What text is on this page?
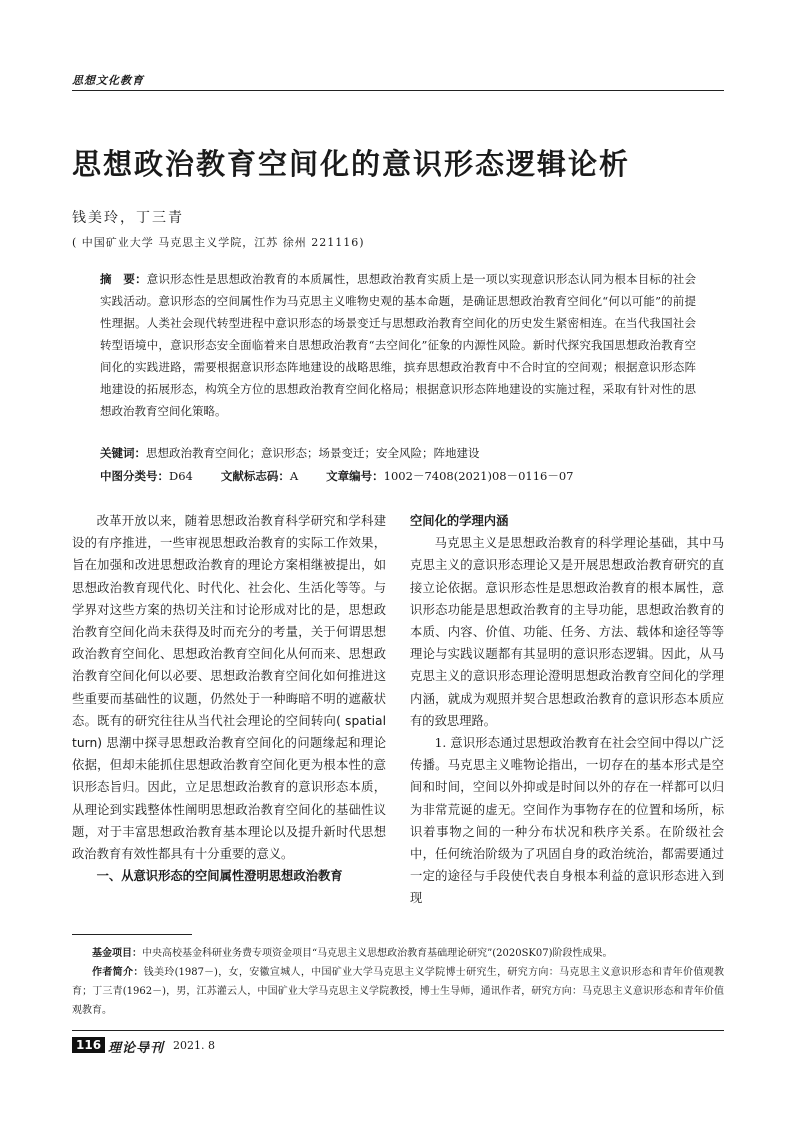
思想文化教育
思想政治教育空间化的意识形态逻辑论析
钱美玲，丁三青
( 中国矿业大学 马克思主义学院，江苏 徐州 221116)
摘　要：意识形态性是思想政治教育的本质属性，思想政治教育实质上是一项以实现意识形态认同为根本目标的社会实践活动。意识形态的空间属性作为马克思主义唯物史观的基本命题，是确证思想政治教育空间化“何以可能”的前提性理据。人类社会现代转型进程中意识形态的场景变迁与思想政治教育空间化的历史发生紧密相连。在当代我国社会转型语境中，意识形态安全面临着来自思想政治教育“去空间化”征象的内源性风险。新时代探究我国思想政治教育空间化的实践进路，需要根据意识形态阵地建设的战略思维，摈弃思想政治教育中不合时宜的空间观；根据意识形态阵地建设的拓展形态，构筑全方位的思想政治教育空间化格局；根据意识形态阵地建设的实施过程，采取有针对性的思想政治教育空间化策略。
关键词：思想政治教育空间化；意识形态；场景变迁；安全风险；阵地建设
中图分类号：D64 文献标志码：A 文章编号：1002－7408(2021)08－0116－07

改革开放以来，随着思想政治教育科学研究和学科建设的有序推进，一些审视思想政治教育的实际工作效果，旨在加强和改进思想政治教育的理论方案相继被提出，如思想政治教育现代化、时代化、社会化、生活化等等。与学界对这些方案的热切关注和讨论形成对比的是，思想政治教育空间化尚未获得及时而充分的考量，关于何谓思想政治教育空间化、思想政治教育空间化从何而来、思想政治教育空间化何以必要、思想政治教育空间化如何推进这些重要而基础性的议题，仍然处于一种晦暗不明的遮蔽状态。既有的研究往往从当代社会理论的空间转向( spatial turn) 思潮中探寻思想政治教育空间化的问题缘起和理论依据，但却未能抓住思想政治教育空间化更为根本性的意识形态旨归。因此，立足思想政治教育的意识形态本质，从理论到实践整体性阐明思想政治教育空间化的基础性议题，对于丰富思想政治教育基本理论以及提升新时代思想政治教育有效性都具有十分重要的意义。

一、从意识形态的空间属性澄明思想政治教育

空间化的学理内涵

马克思主义是思想政治教育的科学理论基础，其中马克思主义的意识形态理论又是开展思想政治教育研究的直接立论依据。意识形态性是思想政治教育的根本属性，意识形态功能是思想政治教育的主导功能，思想政治教育的本质、内容、价值、功能、任务、方法、载体和途径等等理论与实践议题都有其显明的意识形态逻辑。因此，从马克思主义的意识形态理论澄明思想政治教育空间化的学理内涵，就成为观照并契合思想政治教育的意识形态本质应有的致思理路。

1. 意识形态通过思想政治教育在社会空间中得以广泛传播。马克思主义唯物论指出，一切存在的基本形式是空间和时间，空间以外抑或是时间以外的存在一样都可以归为非常荒诞的虚无。空间作为事物存在的位置和场所，标识着事物之间的一种分布状况和秩序关系。在阶级社会中，任何统治阶级为了巩固自身的政治统治，都需要通过一定的途径与手段使代表自身根本利益的意识形态进入到现

基金项目：中央高校基金科研业务费专项资金项目“马克思主义思想政治教育基础理论研究”(2020SK07)阶段性成果。

作者简介：钱美玲(1987－)，女，安徽宣城人，中国矿业大学马克思主义学院博士研究生，研究方向：马克思主义意识形态和青年价值观教育；丁三青(1962－)，男，江苏灌云人，中国矿业大学马克思主义学院教授，博士生导师，通讯作者，研究方向：马克思主义意识形态和青年价值观教育。

116 理论导刊 2021. 8
